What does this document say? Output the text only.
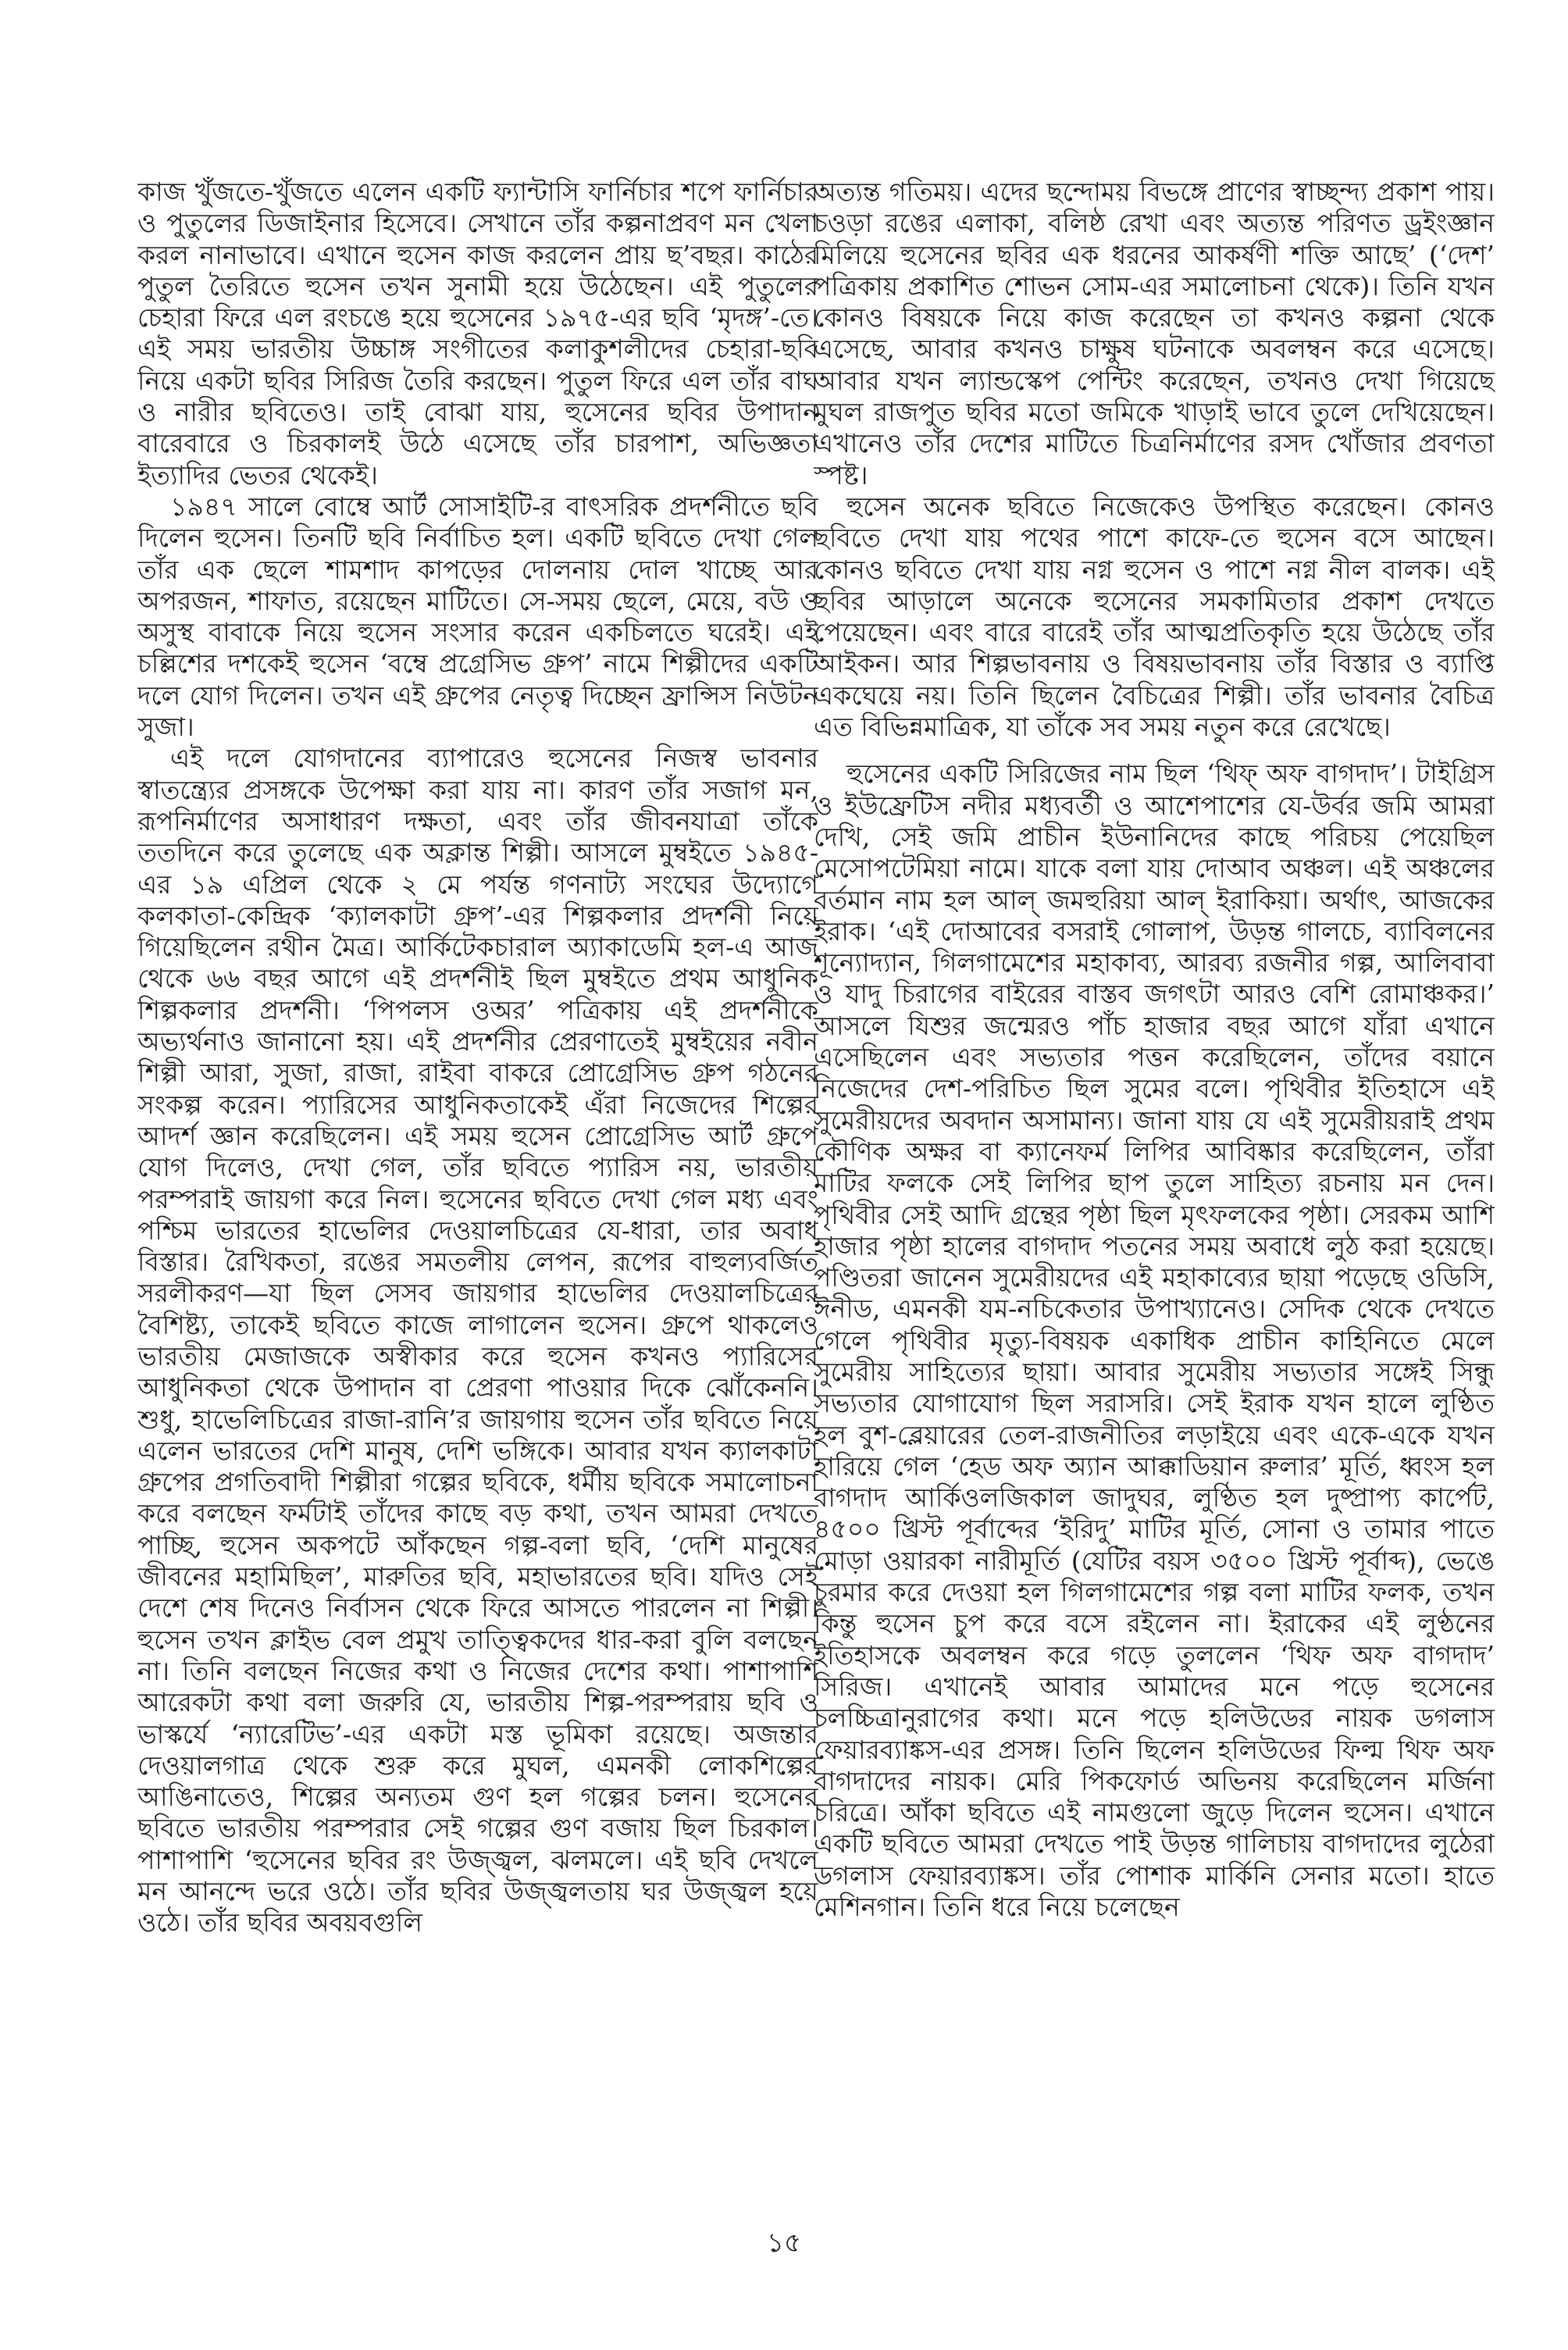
কাজ খুঁজতে-খুঁজতে এলেন একটি ফ্যান্টাসি ফার্নিচার শপে ফার্নিচার ও পুতুলের ডিজাইনার হিসেবে। সেখানে তাঁর কল্পনাপ্রবণ মন খেলা করল নানাভাবে। এখানে হুসেন কাজ করলেন প্রায় ছ’বছর। কাঠের পুতুল তৈরিতে হুসেন তখন সুনামী হয়ে উঠেছেন। এই পুতুলের চেহারা ফিরে এল রংচঙে হয়ে হুসেনের ১৯৭৫-এর ছবি ‘মৃদঙ্গ’-তে। এই সময় ভারতীয় উচ্চাঙ্গ সংগীতের কলাকুশলীদের চেহারা-ছবি নিয়ে একটা ছবির সিরিজ তৈরি করছেন। পুতুল ফিরে এল তাঁর বাঘ ও নারীর ছবিতেও। তাই বোঝা যায়, হুসেনের ছবির উপাদান বারেবারে ও চিরকালই উঠে এসেছে তাঁর চারপাশ, অভিজ্ঞতা ইত্যাদির ভেতর থেকেই।

১৯৪৭ সালে বোম্বে আর্ট সোসাইটি-র বাৎসরিক প্রদর্শনীতে ছবি দিলেন হুসেন। তিনটি ছবি নির্বাচিত হল। একটি ছবিতে দেখা গেল তাঁর এক ছেলে শামশাদ কাপড়ের দোলনায় দোল খাচ্ছে আর অপরজন, শাফাত, রয়েছেন মাটিতে। সে-সময় ছেলে, মেয়ে, বউ ও অসুস্থ বাবাকে নিয়ে হুসেন সংসার করেন একচিলতে ঘরেই। এই চল্লিশের দশকেই হুসেন ‘বম্বে প্রগ্রেসিভ গ্রুপ’ নামে শিল্পীদের একটি দলে যোগ দিলেন। তখন এই গ্রুপের নেতৃত্ব দিচ্ছেন ফ্রান্সিস নিউটন সুজা।

এই দলে যোগদানের ব্যাপারেও হুসেনের নিজস্ব ভাবনার স্বাতন্ত্র্যের প্রসঙ্গকে উপেক্ষা করা যায় না। কারণ তাঁর সজাগ মন, রূপনির্মাণের অসাধারণ দক্ষতা, এবং তাঁর জীবনযাত্রা তাঁকে ততদিনে করে তুলেছে এক অক্লান্ত শিল্পী। আসলে মুম্বইতে ১৯৪৫-এর ১৯ এপ্রিল থেকে ২ মে পর্যন্ত গণনাট্য সংঘের উদ্যোগে কলকাতা-কেন্দ্রিক ‘ক্যালকাটা গ্রুপ’-এর শিল্পকলার প্রদর্শনী নিয়ে গিয়েছিলেন রথীন মৈত্র। আর্কিটেকচারাল অ্যাকাডেমি হল-এ আজ থেকে ৬৬ বছর আগে এই প্রদর্শনীই ছিল মুম্বইতে প্রথম আধুনিক শিল্পকলার প্রদর্শনী। ‘পিপলস ওঅর’ পত্রিকায় এই প্রদর্শনীকে অভ্যর্থনাও জানানো হয়। এই প্রদর্শনীর প্রেরণাতেই মুম্বইয়ের নবীন শিল্পী আরা, সুজা, রাজা, রাইবা বাকরে প্রোগ্রেসিভ গ্রুপ গঠনের সংকল্প করেন। প্যারিসের আধুনিকতাকেই এঁরা নিজেদের শিল্পের আদর্শ জ্ঞান করেছিলেন। এই সময় হুসেন প্রোগ্রেসিভ আর্ট গ্রুপে যোগ দিলেও, দেখা গেল, তাঁর ছবিতে প্যারিস নয়, ভারতীয় পরম্পরাই জায়গা করে নিল। হুসেনের ছবিতে দেখা গেল মধ্য এবং পশ্চিম ভারতের হাভেলির দেওয়ালচিত্রের যে-ধারা, তার অবাধ বিস্তার। রৈখিকতা, রঙের সমতলীয় লেপন, রূপের বাহুল্যবর্জিত সরলীকরণ—যা ছিল সেসব জায়গার হাভেলির দেওয়ালচিত্রের বৈশিষ্ট্য, তাকেই ছবিতে কাজে লাগালেন হুসেন। গ্রুপে থাকলেও ভারতীয় মেজাজকে অস্বীকার করে হুসেন কখনও প্যারিসের আধুনিকতা থেকে উপাদান বা প্রেরণা পাওয়ার দিকে ঝোঁকেননি। শুধু, হাভেলিচিত্রের রাজা-রানি’র জায়গায় হুসেন তাঁর ছবিতে নিয়ে এলেন ভারতের দেশি মানুষ, দেশি ভঙ্গিকে। আবার যখন ক্যালকাটা গ্রুপের প্রগতিবাদী শিল্পীরা গল্পের ছবিকে, ধর্মীয় ছবিকে সমালোচনা করে বলছেন ফর্মটাই তাঁদের কাছে বড় কথা, তখন আমরা দেখতে পাচ্ছি, হুসেন অকপটে আঁকছেন গল্প-বলা ছবি, ‘দেশি মানুষের জীবনের মহামিছিল’, মারুতির ছবি, মহাভারতের ছবি। যদিও সেই দেশে শেষ দিনেও নির্বাসন থেকে ফিরে আসতে পারলেন না শিল্পী। হুসেন তখন ক্লাইভ বেল প্রমুখ তাত্ত্বিকদের ধার-করা বুলি বলছেন না। তিনি বলছেন নিজের কথা ও নিজের দেশের কথা। পাশাপাশি আরেকটা কথা বলা জরুরি যে, ভারতীয় শিল্প-পরম্পরায় ছবি ও ভাস্কর্যে ‘ন্যারেটিভ’-এর একটা মস্ত ভূমিকা রয়েছে। অজন্তার দেওয়ালগাত্র থেকে শুরু করে মুঘল, এমনকী লোকশিল্পের আঙিনাতেও, শিল্পের অন্যতম গুণ হল গল্পের চলন। হুসেনের ছবিতে ভারতীয় পরম্পরার সেই গল্পের গুণ বজায় ছিল চিরকাল। পাশাপাশি ‘হুসেনের ছবির রং উজ্জ্বল, ঝলমলে। এই ছবি দেখলে মন আনন্দে ভরে ওঠে। তাঁর ছবির উজ্জ্বলতায় ঘর উজ্জ্বল হয়ে ওঠে। তাঁর ছবির অবয়বগুলি

অত্যন্ত গতিময়। এদের ছন্দোময় বিভঙ্গে প্রাণের স্বাচ্ছন্দ্য প্রকাশ পায়। চওড়া রঙের এলাকা, বলিষ্ঠ রেখা এবং অত্যন্ত পরিণত ড্রইংজ্ঞান মিলিয়ে হুসেনের ছবির এক ধরনের আকর্ষণী শক্তি আছে’ (‘দেশ’ পত্রিকায় প্রকাশিত শোভন সোম-এর সমালোচনা থেকে)। তিনি যখন কোনও বিষয়কে নিয়ে কাজ করেছেন তা কখনও কল্পনা থেকে এসেছে, আবার কখনও চাক্ষুষ ঘটনাকে অবলম্বন করে এসেছে। আবার যখন ল্যান্ডস্কেপ পেন্টিং করেছেন, তখনও দেখা গিয়েছে মুঘল রাজপুত ছবির মতো জমিকে খাড়াই ভাবে তুলে দেখিয়েছেন। এখানেও তাঁর দেশের মাটিতে চিত্রনির্মাণের রসদ খোঁজার প্রবণতা স্পষ্ট।

হুসেন অনেক ছবিতে নিজেকেও উপস্থিত করেছেন। কোনও ছবিতে দেখা যায় পথের পাশে কাফে-তে হুসেন বসে আছেন। কোনও ছবিতে দেখা যায় নগ্ন হুসেন ও পাশে নগ্ন নীল বালক। এই ছবির আড়ালে অনেকে হুসেনের সমকামিতার প্রকাশ দেখতে পেয়েছেন। এবং বারে বারেই তাঁর আত্মপ্রতিকৃতি হয়ে উঠেছে তাঁর আইকন। আর শিল্পভাবনায় ও বিষয়ভাবনায় তাঁর বিস্তার ও ব্যাপ্তি একঘেয়ে নয়। তিনি ছিলেন বৈচিত্রের শিল্পী। তাঁর ভাবনার বৈচিত্র এত বিভিন্নমাত্রিক, যা তাঁকে সব সময় নতুন করে রেখেছে।

হুসেনের একটি সিরিজের নাম ছিল ‘থিফ্ অফ বাগদাদ’। টাইগ্রিস ও ইউফ্রেটিস নদীর মধ্যবর্তী ও আশেপাশের যে-উর্বর জমি আমরা দেখি, সেই জমি প্রাচীন ইউনানিদের কাছে পরিচয় পেয়েছিল মেসোপটেমিয়া নামে। যাকে বলা যায় দোআব অঞ্চল। এই অঞ্চলের বর্তমান নাম হল আল্ জমহুরিয়া আল্ ইরাকিয়া। অর্থাৎ, আজকের ইরাক। ‘এই দোআবের বসরাই গোলাপ, উড়ন্ত গালচে, ব্যাবিলনের শূন্যোদ্যান, গিলগামেশের মহাকাব্য, আরব্য রজনীর গল্প, আলিবাবা ও যাদু চিরাগের বাইরের বাস্তব জগৎটা আরও বেশি রোমাঞ্চকর।’ আসলে যিশুর জন্মেরও পাঁচ হাজার বছর আগে যাঁরা এখানে এসেছিলেন এবং সভ্যতার পত্তন করেছিলেন, তাঁদের বয়ানে নিজেদের দেশ-পরিচিত ছিল সুমের বলে। পৃথিবীর ইতিহাসে এই সুমেরীয়দের অবদান অসামান্য। জানা যায় যে এই সুমেরীয়রাই প্রথম কৌণিক অক্ষর বা ক্যানেফর্ম লিপির আবিষ্কার করেছিলেন, তাঁরা মাটির ফলকে সেই লিপির ছাপ তুলে সাহিত্য রচনায় মন দেন। পৃথিবীর সেই আদি গ্রন্থের পৃষ্ঠা ছিল মৃৎফলকের পৃষ্ঠা। সেরকম আশি হাজার পৃষ্ঠা হালের বাগদাদ পতনের সময় অবাধে লুঠ করা হয়েছে। পণ্ডিতরা জানেন সুমেরীয়দের এই মহাকাব্যের ছায়া পড়েছে ওডিসি, ঈনীড, এমনকী যম-নচিকেতার উপাখ্যানেও। সেদিক থেকে দেখতে গেলে পৃথিবীর মৃত্যু-বিষয়ক একাধিক প্রাচীন কাহিনিতে মেলে সুমেরীয় সাহিত্যের ছায়া। আবার সুমেরীয় সভ্যতার সঙ্গেই সিন্ধু সভ্যতার যোগাযোগ ছিল সরাসরি। সেই ইরাক যখন হালে লুণ্ঠিত হল বুশ-ব্লেয়ারের তেল-রাজনীতির লড়াইয়ে এবং একে-একে যখন হারিয়ে গেল ‘হেড অফ অ্যান আক্কাডিয়ান রুলার’ মূর্তি, ধ্বংস হল বাগদাদ আর্কিওলজিকাল জাদুঘর, লুণ্ঠিত হল দুষ্প্রাপ্য কার্পেট, ৪৫০০ খ্রিস্ট পূর্বাব্দের ‘ইরিদু’ মাটির মূর্তি, সোনা ও তামার পাতে মোড়া ওয়ারকা নারীমূর্তি (যেটির বয়স ৩৫০০ খ্রিস্ট পূর্বাব্দ), ভেঙে চুরমার করে দেওয়া হল গিলগামেশের গল্প বলা মাটির ফলক, তখন কিন্তু হুসেন চুপ করে বসে রইলেন না। ইরাকের এই লুণ্ঠনের ইতিহাসকে অবলম্বন করে গড়ে তুললেন ‘থিফ অফ বাগদাদ’ সিরিজ। এখানেই আবার আমাদের মনে পড়ে হুসেনের চলচ্চিত্রানুরাগের কথা। মনে পড়ে হলিউডের নায়ক ডগলাস ফেয়ারব্যাঙ্কস-এর প্রসঙ্গ। তিনি ছিলেন হলিউডের ফিল্ম থিফ অফ বাগদাদের নায়ক। মেরি পিকফোর্ড অভিনয় করেছিলেন মর্জিনা চরিত্রে। আঁকা ছবিতে এই নামগুলো জুড়ে দিলেন হুসেন। এখানে একটি ছবিতে আমরা দেখতে পাই উড়ন্ত গালিচায় বাগদাদের লুঠেরা ডগলাস ফেয়ারব্যাঙ্কস। তাঁর পোশাক মার্কিনি সেনার মতো। হাতে মেশিনগান। তিনি ধরে নিয়ে চলেছেন

১৫
